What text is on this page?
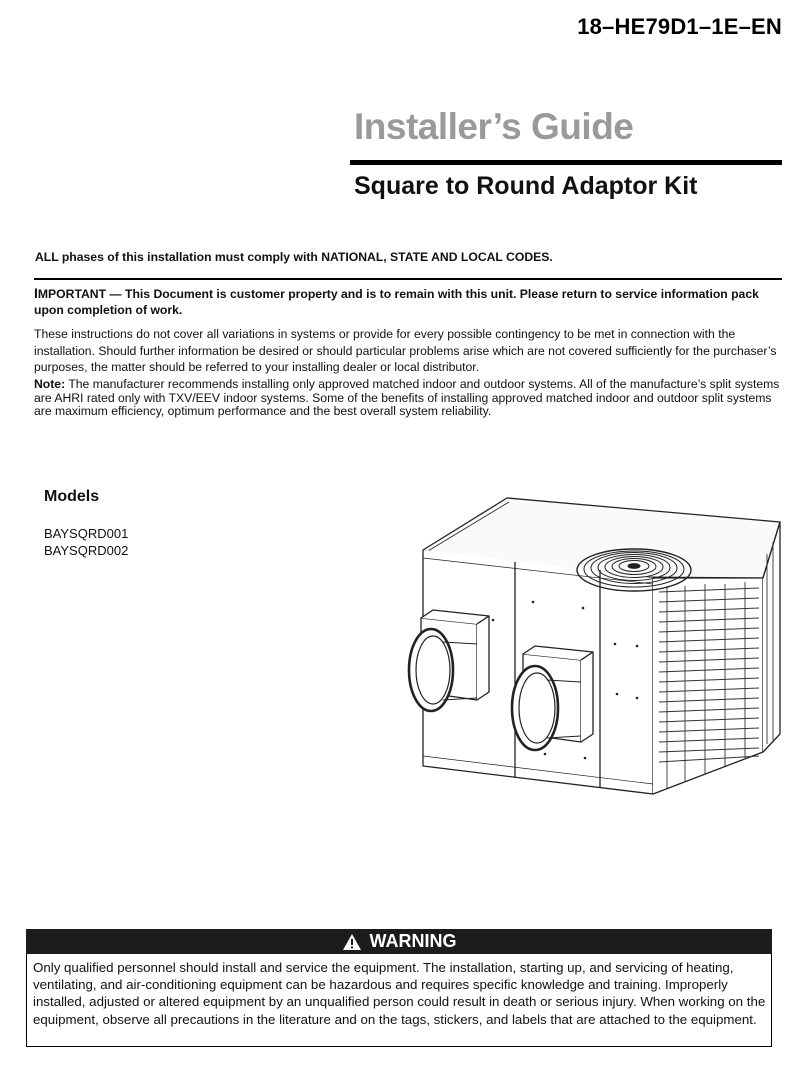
18–HE79D1–1E–EN
Installer’s Guide
Square to Round Adaptor Kit
ALL phases of this installation must comply with NATIONAL, STATE AND LOCAL CODES.
IMPORTANT — This Document is customer property and is to remain with this unit. Please return to service information pack upon completion of work.
These instructions do not cover all variations in systems or provide for every possible contingency to be met in connection with the installation. Should further information be desired or should particular problems arise which are not covered sufficiently for the purchaser’s purposes, the matter should be referred to your installing dealer or local distributor.
Note: The manufacturer recommends installing only approved matched indoor and outdoor systems. All of the manufacture’s split systems are AHRI rated only with TXV/EEV indoor systems. Some of the benefits of installing approved matched indoor and outdoor split systems are maximum efficiency, optimum performance and the best overall system reliability.
Models
BAYSQRD001
BAYSQRD002
WARNING
Only qualified personnel should install and service the equipment. The installation, starting up, and servicing of heating, ventilating, and air-conditioning equipment can be hazardous and requires specific knowledge and training. Improperly installed, adjusted or altered equipment by an unqualified person could result in death or serious injury. When working on the equipment, observe all precautions in the literature and on the tags, stickers, and labels that are attached to the equipment.
